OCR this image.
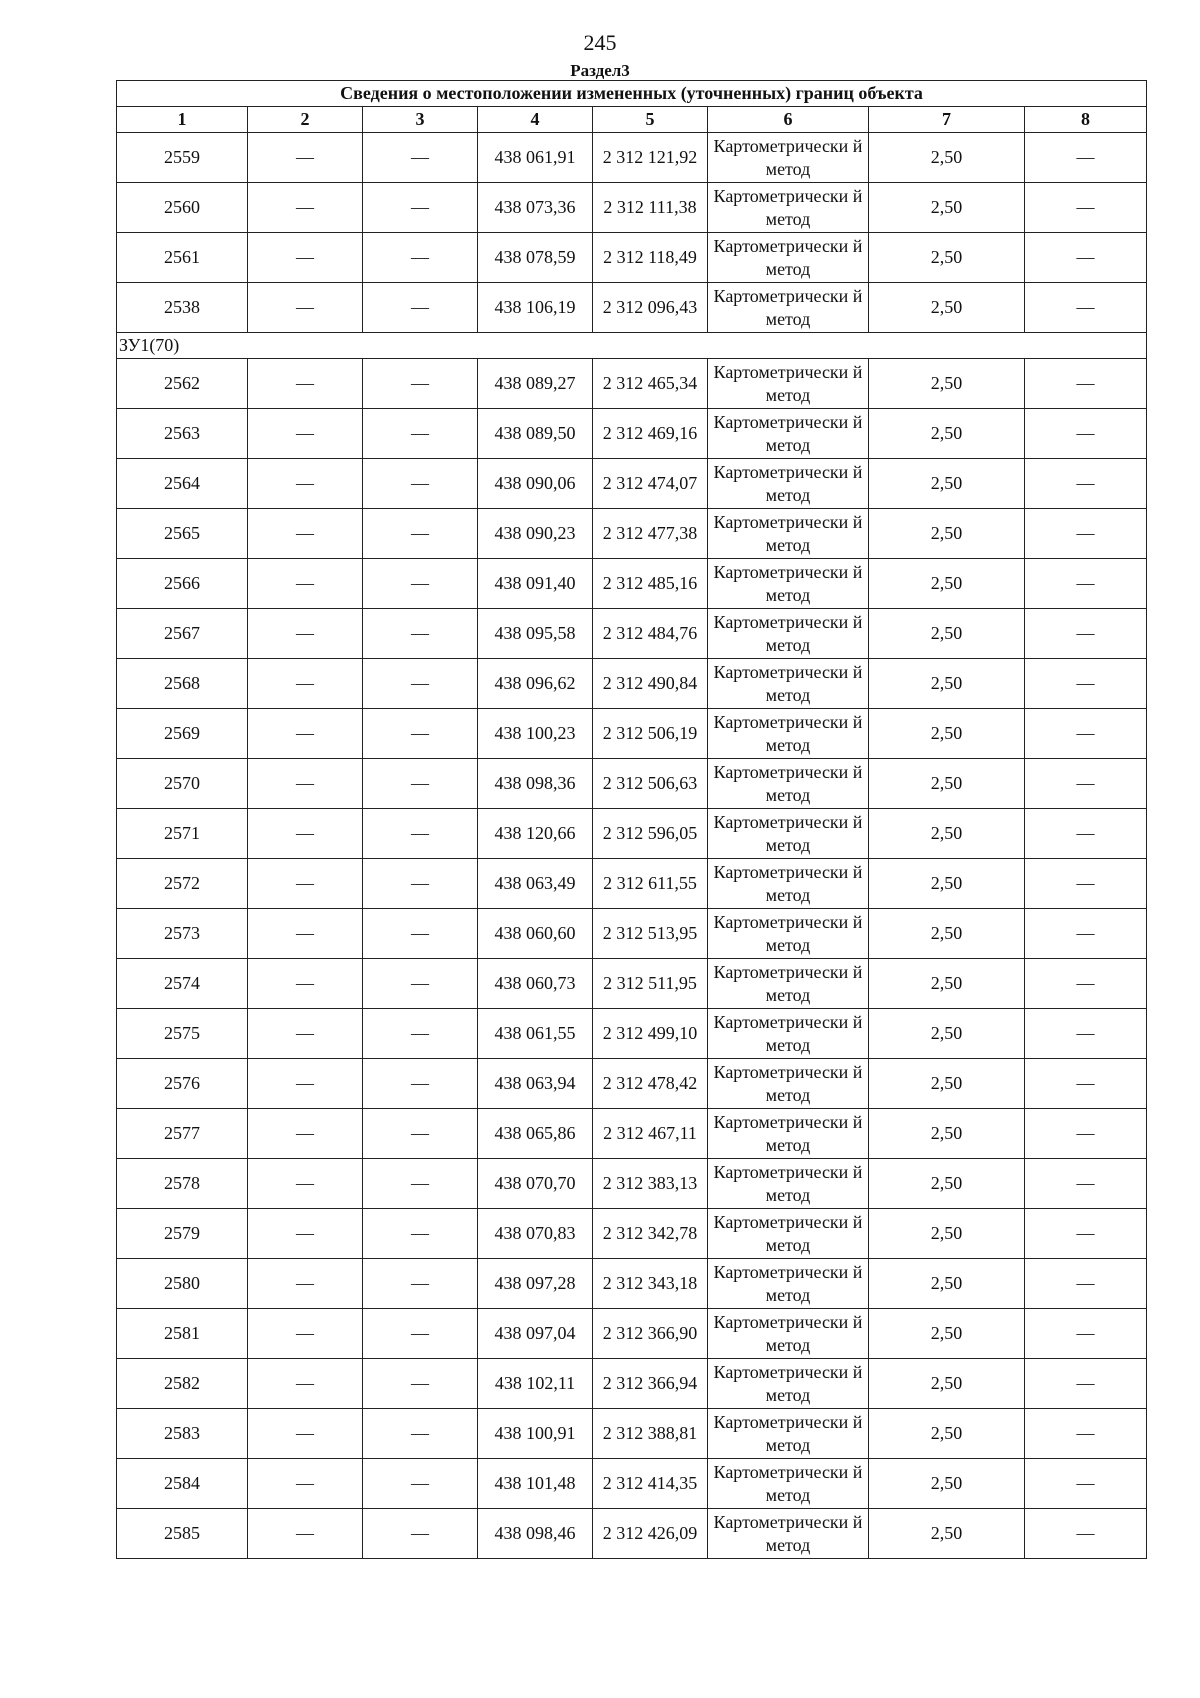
245
Раздел3
Сведения о местоположении измененных (уточненных) границ объекта							
1	2	3	4	5	6	7	8
2559	—	—	438 061,91	2 312 121,92	Картометрически й метод	2,50	—
2560	—	—	438 073,36	2 312 111,38	Картометрически й метод	2,50	—
2561	—	—	438 078,59	2 312 118,49	Картометрически й метод	2,50	—
2538	—	—	438 106,19	2 312 096,43	Картометрически й метод	2,50	—
ЗУ1(70)							
2562	—	—	438 089,27	2 312 465,34	Картометрически й метод	2,50	—
2563	—	—	438 089,50	2 312 469,16	Картометрически й метод	2,50	—
2564	—	—	438 090,06	2 312 474,07	Картометрически й метод	2,50	—
2565	—	—	438 090,23	2 312 477,38	Картометрически й метод	2,50	—
2566	—	—	438 091,40	2 312 485,16	Картометрически й метод	2,50	—
2567	—	—	438 095,58	2 312 484,76	Картометрически й метод	2,50	—
2568	—	—	438 096,62	2 312 490,84	Картометрически й метод	2,50	—
2569	—	—	438 100,23	2 312 506,19	Картометрически й метод	2,50	—
2570	—	—	438 098,36	2 312 506,63	Картометрически й метод	2,50	—
2571	—	—	438 120,66	2 312 596,05	Картометрически й метод	2,50	—
2572	—	—	438 063,49	2 312 611,55	Картометрически й метод	2,50	—
2573	—	—	438 060,60	2 312 513,95	Картометрически й метод	2,50	—
2574	—	—	438 060,73	2 312 511,95	Картометрически й метод	2,50	—
2575	—	—	438 061,55	2 312 499,10	Картометрически й метод	2,50	—
2576	—	—	438 063,94	2 312 478,42	Картометрически й метод	2,50	—
2577	—	—	438 065,86	2 312 467,11	Картометрически й метод	2,50	—
2578	—	—	438 070,70	2 312 383,13	Картометрически й метод	2,50	—
2579	—	—	438 070,83	2 312 342,78	Картометрически й метод	2,50	—
2580	—	—	438 097,28	2 312 343,18	Картометрически й метод	2,50	—
2581	—	—	438 097,04	2 312 366,90	Картометрически й метод	2,50	—
2582	—	—	438 102,11	2 312 366,94	Картометрически й метод	2,50	—
2583	—	—	438 100,91	2 312 388,81	Картометрически й метод	2,50	—
2584	—	—	438 101,48	2 312 414,35	Картометрически й метод	2,50	—
2585	—	—	438 098,46	2 312 426,09	Картометрически й метод	2,50	—
